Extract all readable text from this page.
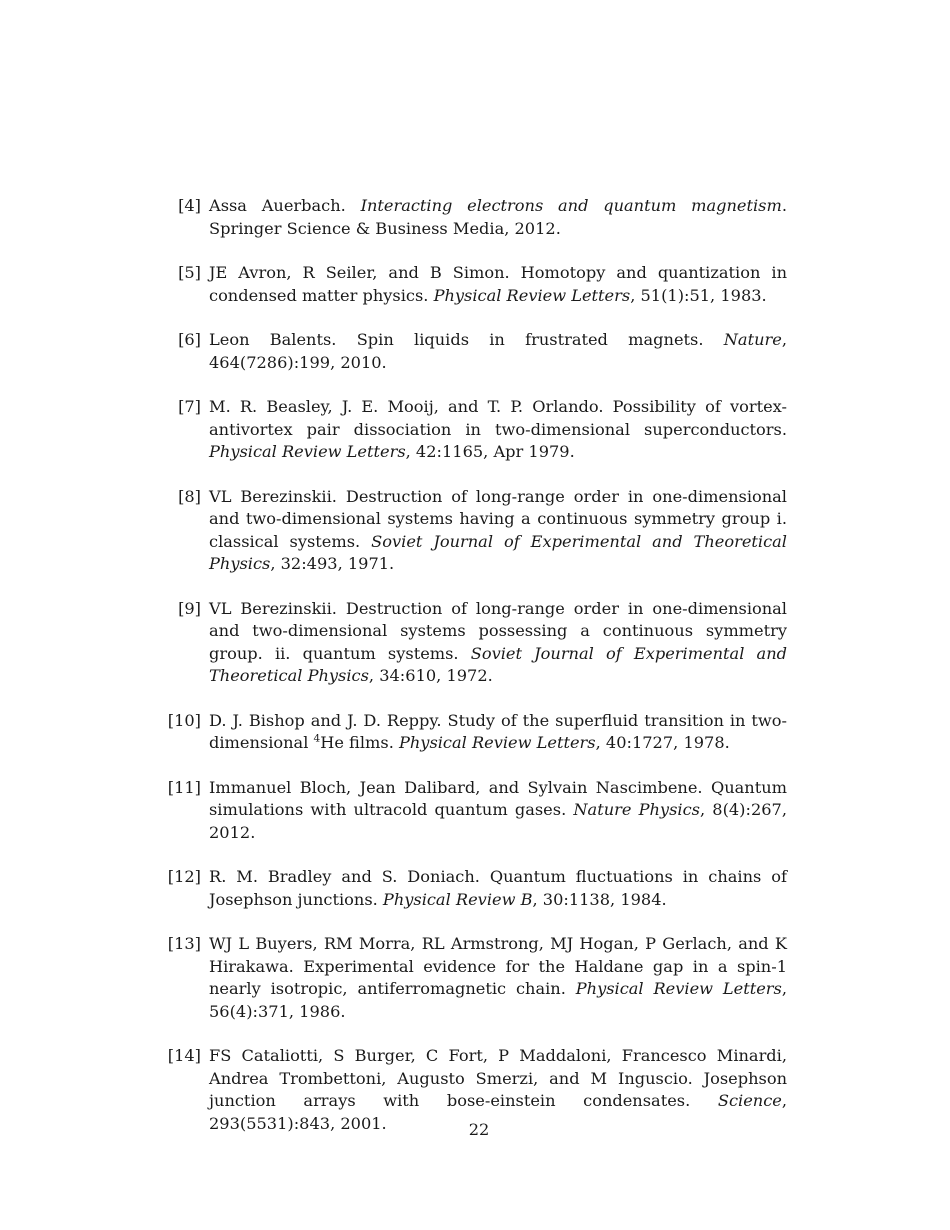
[4] Assa Auerbach. Interacting electrons and quantum magnetism. Springer Science & Business Media, 2012.
[5] JE Avron, R Seiler, and B Simon. Homotopy and quantization in condensed matter physics. Physical Review Letters, 51(1):51, 1983.
[6] Leon Balents. Spin liquids in frustrated magnets. Nature, 464(7286):199, 2010.
[7] M. R. Beasley, J. E. Mooij, and T. P. Orlando. Possibility of vortex-antivortex pair dissociation in two-dimensional superconductors. Physical Review Letters, 42:1165, Apr 1979.
[8] VL Berezinskii. Destruction of long-range order in one-dimensional and two-dimensional systems having a continuous symmetry group i. classical systems. Soviet Journal of Experimental and Theoretical Physics, 32:493, 1971.
[9] VL Berezinskii. Destruction of long-range order in one-dimensional and two-dimensional systems possessing a continuous symmetry group. ii. quantum systems. Soviet Journal of Experimental and Theoretical Physics, 34:610, 1972.
[10] D. J. Bishop and J. D. Reppy. Study of the superfluid transition in two-dimensional $^4$He films. Physical Review Letters, 40:1727, 1978.
[11] Immanuel Bloch, Jean Dalibard, and Sylvain Nascimbene. Quantum simulations with ultracold quantum gases. Nature Physics, 8(4):267, 2012.
[12] R. M. Bradley and S. Doniach. Quantum fluctuations in chains of Josephson junctions. Physical Review B, 30:1138, 1984.
[13] WJ L Buyers, RM Morra, RL Armstrong, MJ Hogan, P Gerlach, and K Hirakawa. Experimental evidence for the Haldane gap in a spin-1 nearly isotropic, antiferromagnetic chain. Physical Review Letters, 56(4):371, 1986.
[14] FS Cataliotti, S Burger, C Fort, P Maddaloni, Francesco Minardi, Andrea Trombettoni, Augusto Smerzi, and M Inguscio. Josephson junction arrays with bose-einstein condensates. Science, 293(5531):843, 2001.	22
